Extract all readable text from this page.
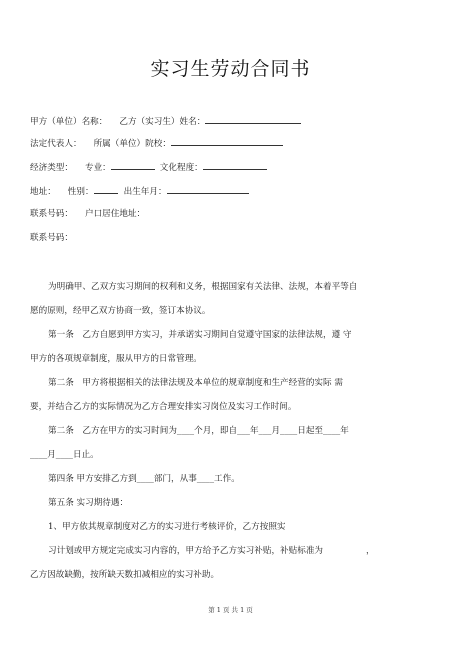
实习生劳动合同书
甲方（单位）名称： 乙方（实习生）姓名：
法定代表人： 所属（单位）院校：
经济类型： 专业：	文化程度：
地址： 性别：	出生年月：
联系号码： 户口居住地址：
联系号码：
为明确甲、乙双方实习期间的权利和义务，根据国家有关法律、法规，本着平等自
愿的原则，经甲乙双方协商一致，签订本协议。
第一条　乙方自愿到甲方实习，并承诺实习期间自觉遵守国家的法律法规，遵 守
甲方的各项规章制度，服从甲方的日常管理。
第二条　甲方将根据相关的法律法规及本单位的规章制度和生产经营的实际 需
要，并结合乙方的实际情况为乙方合理安排实习岗位及实习工作时间。
第二条　乙方在甲方的实习时间为____个月，即自___年___月____日起至____年
____月____日止。
第四条 甲方安排乙方到____部门，从事____工作。
第五条 实习期待遇：
1、甲方依其规章制度对乙方的实习进行考核评价，乙方按照实
习计划或甲方规定完成实习内容的，甲方给予乙方实习补贴，补贴标准为　　　　　，
乙方因故缺勤，按所缺天数扣减相应的实习补助。
第 1 页 共 1 页
